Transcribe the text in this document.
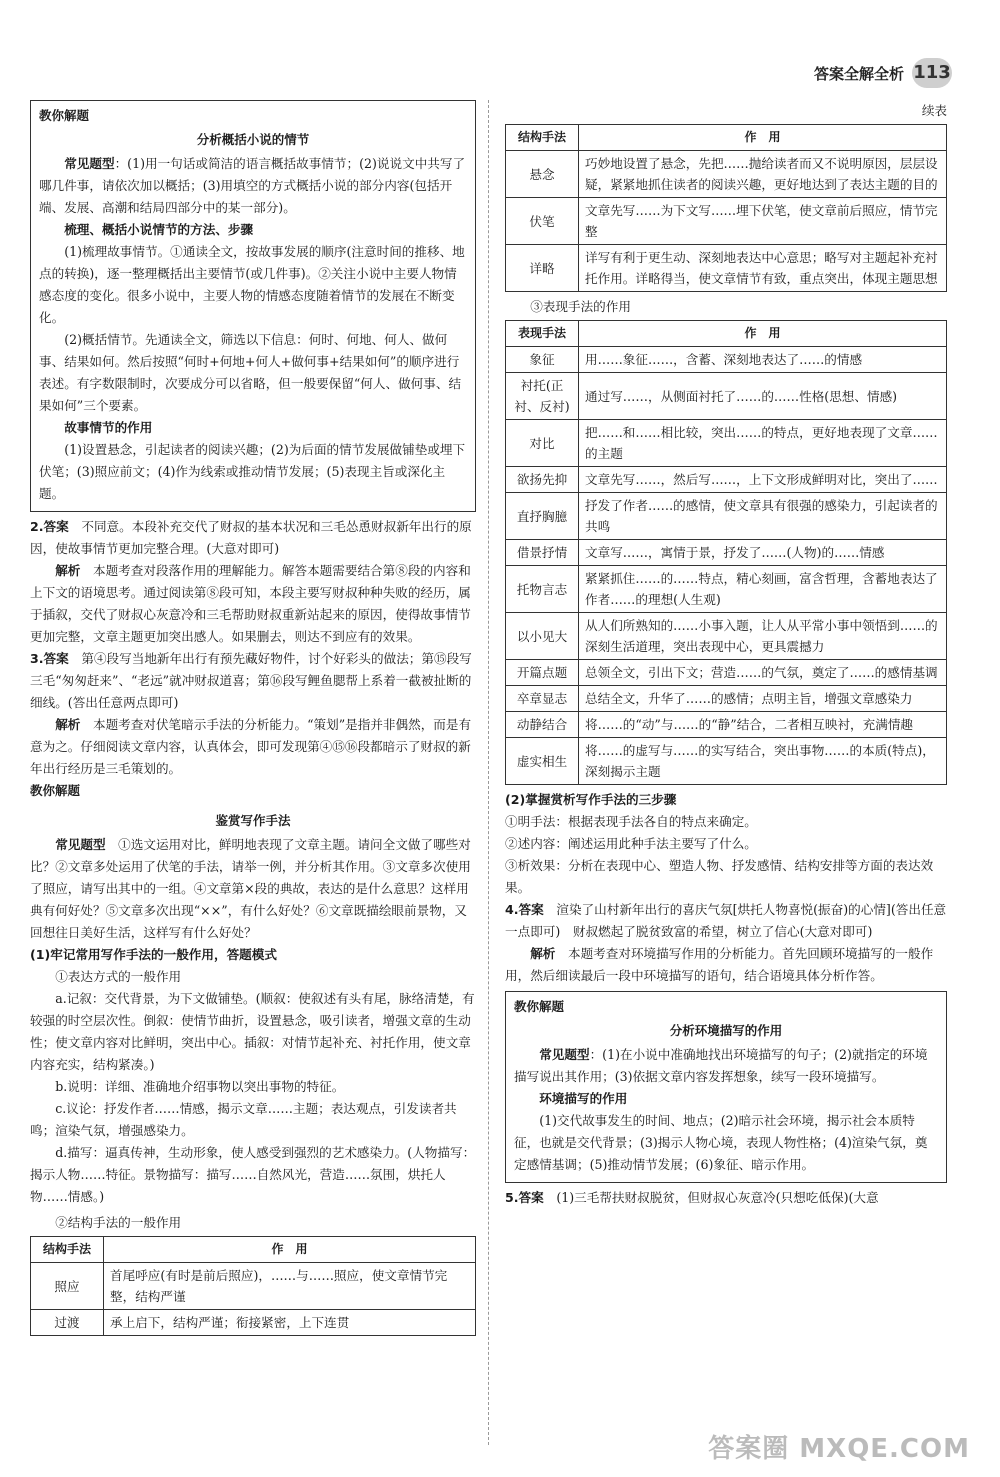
答案全解全析 113
教你解题
分析概括小说的情节

常见题型：(1)用一句话或简洁的语言概括故事情节；(2)说说文中共写了哪几件事，请依次加以概括；(3)用填空的方式概括小说的部分内容(包括开端、发展、高潮和结局四部分中的某一部分)。

梳理、概括小说情节的方法、步骤

(1)梳理故事情节。①通读全文，按故事发展的顺序(注意时间的推移、地点的转换)，逐一整理概括出主要情节(或几件事)。②关注小说中主要人物情感态度的变化。很多小说中，主要人物的情感态度随着情节的发展在不断变化。

(2)概括情节。先通读全文，筛选以下信息：何时、何地、何人、做何事、结果如何。然后按照“何时+何地+何人+做何事+结果如何”的顺序进行表述。有字数限制时，次要成分可以省略，但一般要保留“何人、做何事、结果如何”三个要素。

故事情节的作用

(1)设置悬念，引起读者的阅读兴趣；(2)为后面的情节发展做铺垫或埋下伏笔；(3)照应前文；(4)作为线索或推动情节发展；(5)表现主旨或深化主题。

2.答案　 不同意。本段补充交代了财叔的基本状况和三毛怂恿财叔新年出行的原因，使故事情节更加完整合理。(大意对即可)

解析　 本题考查对段落作用的理解能力。解答本题需要结合第⑧段的内容和上下文的语境思考。通过阅读第⑧段可知，本段主要写财叔种种失败的经历，属于插叙，交代了财叔心灰意冷和三毛帮助财叔重新站起来的原因，使得故事情节更加完整，文章主题更加突出感人。如果删去，则达不到应有的效果。

3.答案　 第④段写当地新年出行有预先藏好物件，讨个好彩头的做法；第⑮段写三毛“匆匆赶来”、“老远”就冲财叔道喜；第⑯段写鲤鱼腮帮上系着一截被扯断的细线。(答出任意两点即可)

解析　 本题考查对伏笔暗示手法的分析能力。“策划”是指并非偶然，而是有意为之。仔细阅读文章内容，认真体会，即可发现第④⑮⑯段都暗示了财叔的新年出行经历是三毛策划的。

教你解题
鉴赏写作手法

常见题型　 ①选文运用对比，鲜明地表现了文章主题。请问全文做了哪些对比？②文章多处运用了伏笔的手法，请举一例，并分析其作用。③文章多次使用了照应，请写出其中的一组。④文章第×段的典故，表达的是什么意思？这样用典有何好处？⑤文章多次出现“××”，有什么好处？⑥文章既描绘眼前景物，又回想往日美好生活，这样写有什么好处？

(1)牢记常用写作手法的一般作用，答题模式

①表达方式的一般作用

a.记叙：交代背景，为下文做铺垫。(顺叙：使叙述有头有尾，脉络清楚，有较强的时空层次性。倒叙：使情节曲折，设置悬念，吸引读者，增强文章的生动性；使文章内容对比鲜明，突出中心。插叙：对情节起补充、衬托作用，使文章内容充实，结构紧凑。)

b.说明：详细、准确地介绍事物以突出事物的特征。

c.议论：抒发作者……情感，揭示文章……主题；表达观点，引发读者共鸣；渲染气氛，增强感染力。

d.描写：逼真传神，生动形象，使人感受到强烈的艺术感染力。(人物描写：揭示人物……特征。景物描写：描写……自然风光，营造……氛围，烘托人物……情感。)

②结构手法的一般作用

结构手法	作　用
照应	首尾呼应(有时是前后照应)，……与……照应，使文章情节完整，结构严谨
过渡	承上启下，结构严谨；衔接紧密，上下连贯
续表
结构手法	作　用
悬念	巧妙地设置了悬念，先把……抛给读者而又不说明原因，层层设疑，紧紧地抓住读者的阅读兴趣，更好地达到了表达主题的目的
伏笔	文章先写……为下文写……埋下伏笔，使文章前后照应，情节完整
详略	详写有利于更生动、深刻地表达中心意思；略写对主题起补充衬托作用。详略得当，使文章情节有致，重点突出，体现主题思想

③表现手法的作用

表现手法	作　用
象征	用……象征……，含蓄、深刻地表达了……的情感
衬托(正衬、反衬)	通过写……，从侧面衬托了……的……性格(思想、情感)
对比	把……和……相比较，突出……的特点，更好地表现了文章……的主题
欲扬先抑	文章先写……，然后写……，上下文形成鲜明对比，突出了……
直抒胸臆	抒发了作者……的感情，使文章具有很强的感染力，引起读者的共鸣
借景抒情	文章写……，寓情于景，抒发了……(人物)的……情感
托物言志	紧紧抓住……的……特点，精心刻画，富含哲理，含蓄地表达了作者……的理想(人生观)
以小见大	从人们所熟知的……小事入题，让人从平常小事中领悟到……的深刻生活道理，突出表现中心，更具震撼力
开篇点题	总领全文，引出下文；营造……的气氛，奠定了……的感情基调
卒章显志	总结全文，升华了……的感情；点明主旨，增强文章感染力
动静结合	将……的“动”与……的“静”结合，二者相互映衬，充满情趣
虚实相生	将……的虚写与……的实写结合，突出事物……的本质(特点)，深刻揭示主题

(2)掌握赏析写作手法的三步骤

①明手法：根据表现手法各自的特点来确定。

②述内容：阐述运用此种手法主要写了什么。

③析效果：分析在表现中心、塑造人物、抒发感情、结构安排等方面的表达效果。

4.答案　 渲染了山村新年出行的喜庆气氛[烘托人物喜悦(振奋)的心情](答出任意一点即可)　财叔燃起了脱贫致富的希望，树立了信心(大意对即可)

解析　 本题考查对环境描写作用的分析能力。首先回顾环境描写的一般作用，然后细读最后一段中环境描写的语句，结合语境具体分析作答。

教你解题
分析环境描写的作用

常见题型：(1)在小说中准确地找出环境描写的句子；(2)就指定的环境描写说出其作用；(3)依据文章内容发挥想象，续写一段环境描写。

环境描写的作用

(1)交代故事发生的时间、地点；(2)暗示社会环境，揭示社会本质特征，也就是交代背景；(3)揭示人物心境，表现人物性格；(4)渲染气氛，奠定感情基调；(5)推动情节发展；(6)象征、暗示作用。

5.答案　 (1)三毛帮扶财叔脱贫，但财叔心灰意冷(只想吃低保)(大意

答案圈 MXQE.COM
